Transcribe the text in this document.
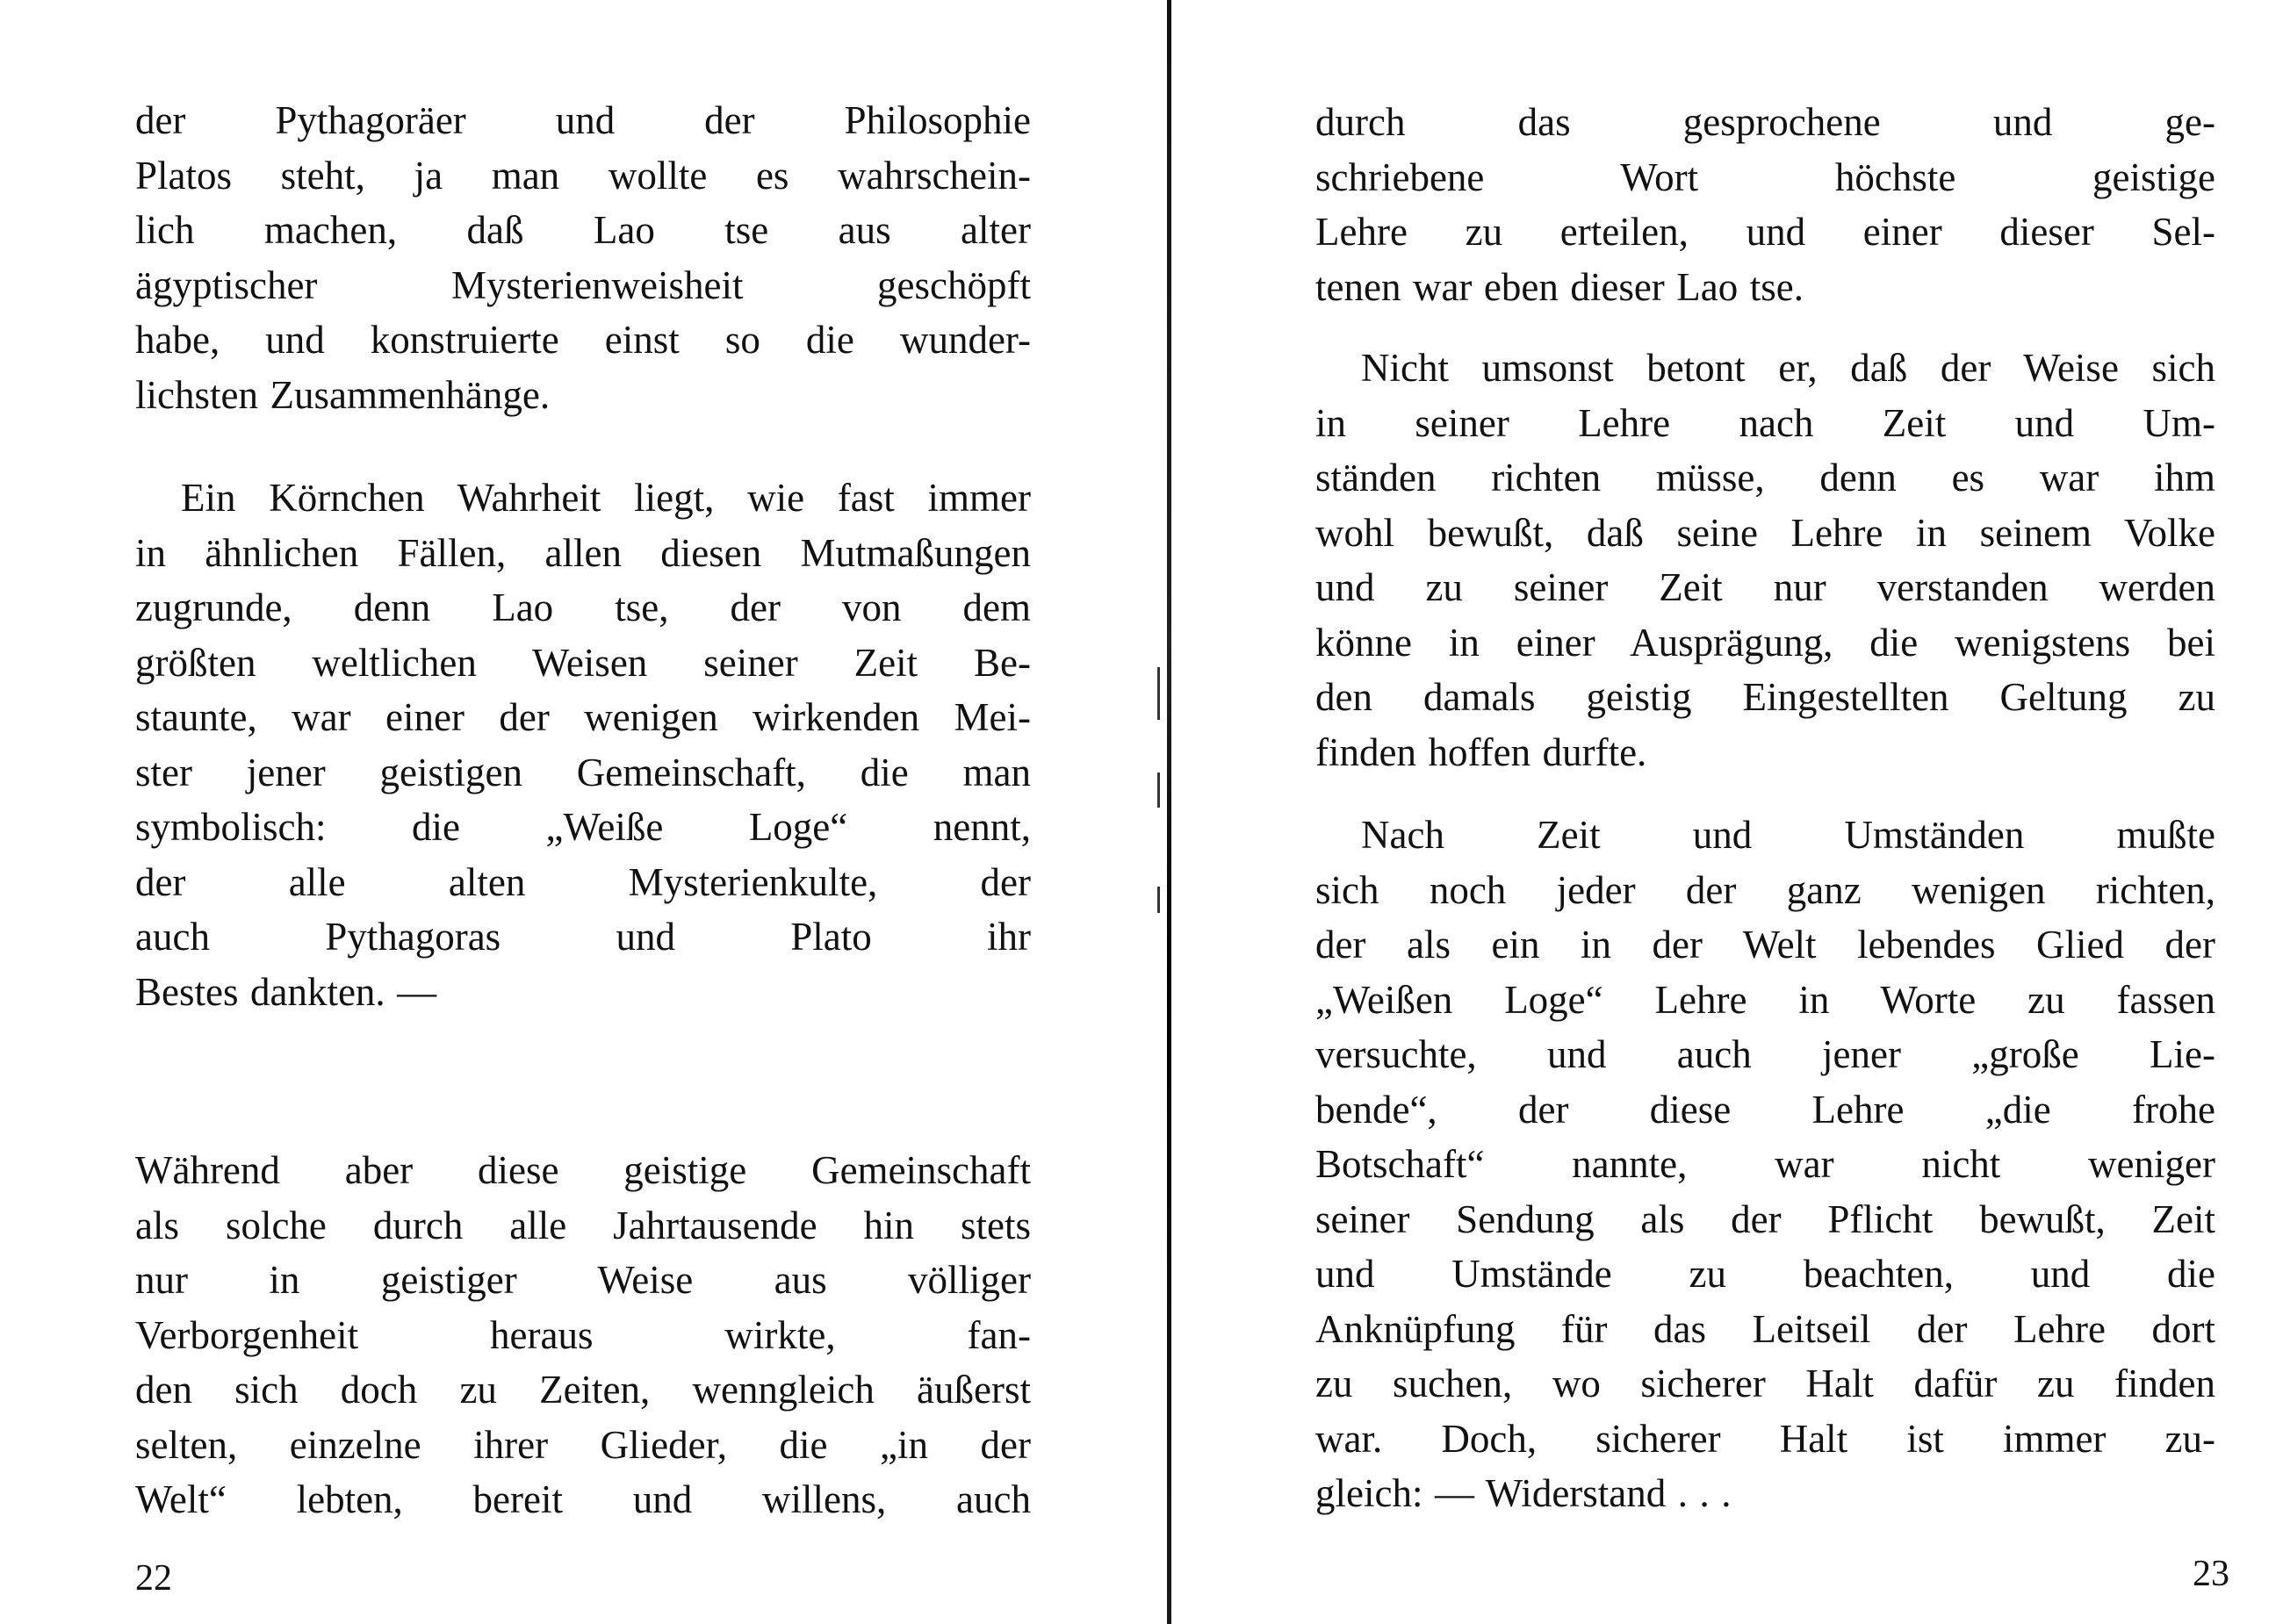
der Pythagoräer und der Philosophie
Platos steht, ja man wollte es wahrschein-
lich machen, daß Lao tse aus alter
ägyptischer Mysterienweisheit geschöpft
habe, und konstruierte einst so die wunder-
lichsten Zusammenhänge.
Ein Körnchen Wahrheit liegt, wie fast immer
in ähnlichen Fällen, allen diesen Mutmaßungen
zugrunde, denn Lao tse, der von dem
größten weltlichen Weisen seiner Zeit Be-
staunte, war einer der wenigen wirkenden Mei-
ster jener geistigen Gemeinschaft, die man
symbolisch: die „Weiße Loge“ nennt,
der alle alten Mysterienkulte, der
auch Pythagoras und Plato ihr
Bestes dankten. —
Während aber diese geistige Gemeinschaft
als solche durch alle Jahrtausende hin stets
nur in geistiger Weise aus völliger
Verborgenheit heraus wirkte, fan-
den sich doch zu Zeiten, wenngleich äußerst
selten, einzelne ihrer Glieder, die „in der
Welt“ lebten, bereit und willens, auch
22
durch das gesprochene und ge-
schriebene Wort höchste geistige
Lehre zu erteilen, und einer dieser Sel-
tenen war eben dieser Lao tse.
Nicht umsonst betont er, daß der Weise sich
in seiner Lehre nach Zeit und Um-
ständen richten müsse, denn es war ihm
wohl bewußt, daß seine Lehre in seinem Volke
und zu seiner Zeit nur verstanden werden
könne in einer Ausprägung, die wenigstens bei
den damals geistig Eingestellten Geltung zu
finden hoffen durfte.
Nach Zeit und Umständen mußte
sich noch jeder der ganz wenigen richten,
der als ein in der Welt lebendes Glied der
„Weißen Loge“ Lehre in Worte zu fassen
versuchte, und auch jener „große Lie-
bende“, der diese Lehre „die frohe
Botschaft“ nannte, war nicht weniger
seiner Sendung als der Pflicht bewußt, Zeit
und Umstände zu beachten, und die
Anknüpfung für das Leitseil der Lehre dort
zu suchen, wo sicherer Halt dafür zu finden
war. Doch, sicherer Halt ist immer zu-
gleich: — Widerstand . . .
23
